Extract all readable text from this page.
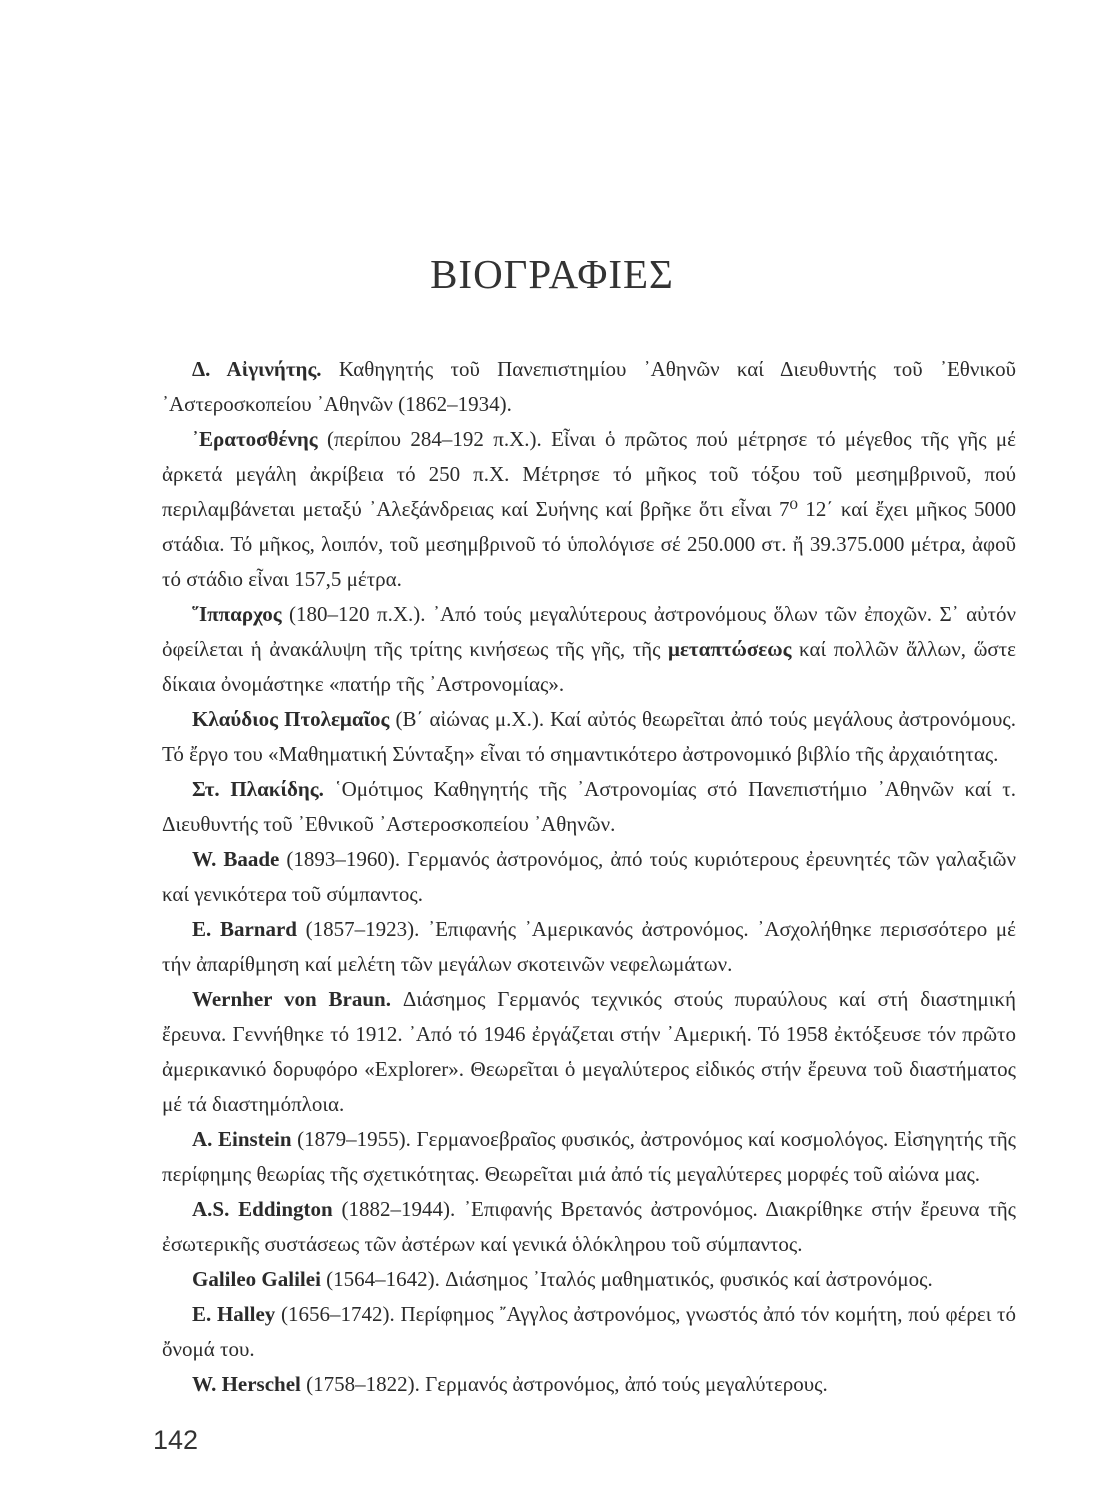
ΒΙΟΓΡΑΦΙΕΣ

Δ. Αἰγινήτης. Καθηγητής τοῦ Πανεπιστημίου ᾿Αθηνῶν καί Διευθυντής τοῦ ᾿Εθνικοῦ ᾿Αστεροσκοπείου ᾿Αθηνῶν (1862–1934).

᾿Ερατοσθένης (περίπου 284–192 π.Χ.). Εἶναι ὁ πρῶτος πού μέτρησε τό μέγεθος τῆς γῆς μέ ἀρκετά μεγάλη ἀκρίβεια τό 250 π.Χ. Μέτρησε τό μῆκος τοῦ τόξου τοῦ μεσημβρινοῦ, πού περιλαμβάνεται μεταξύ ᾿Αλεξάνδρειας καί Συήνης καί βρῆκε ὅτι εἶναι 7⁰ 12΄ καί ἔχει μῆκος 5000 στάδια. Τό μῆκος, λοιπόν, τοῦ μεσημβρινοῦ τό ὑπολόγισε σέ 250.000 στ. ἤ 39.375.000 μέτρα, ἀφοῦ τό στάδιο εἶναι 157,5 μέτρα.

῞Ιππαρχος (180–120 π.Χ.). ᾿Από τούς μεγαλύτερους ἀστρονόμους ὅλων τῶν ἐποχῶν. Σ᾿ αὐτόν ὀφείλεται ἡ ἀνακάλυψη τῆς τρίτης κινήσεως τῆς γῆς, τῆς μεταπτώσεως καί πολλῶν ἄλλων, ὥστε δίκαια ὀνομάστηκε «πατήρ τῆς ᾿Αστρονομίας».

Κλαύδιος Πτολεμαῖος (Β΄ αἰώνας μ.Χ.). Καί αὐτός θεωρεῖται ἀπό τούς μεγάλους ἀστρονόμους. Τό ἔργο του «Μαθηματική Σύνταξη» εἶναι τό σημαντικότερο ἀστρονομικό βιβλίο τῆς ἀρχαιότητας.

Στ. Πλακίδης. ῾Ομότιμος Καθηγητής τῆς ᾿Αστρονομίας στό Πανεπιστήμιο ᾿Αθηνῶν καί τ. Διευθυντής τοῦ ᾿Εθνικοῦ ᾿Αστεροσκοπείου ᾿Αθηνῶν.

W. Baade (1893–1960). Γερμανός ἀστρονόμος, ἀπό τούς κυριότερους ἐρευνητές τῶν γαλαξιῶν καί γενικότερα τοῦ σύμπαντος.

E. Barnard (1857–1923). ᾿Επιφανής ᾿Αμερικανός ἀστρονόμος. ᾿Ασχολήθηκε περισσότερο μέ τήν ἀπαρίθμηση καί μελέτη τῶν μεγάλων σκοτεινῶν νεφελωμάτων.

Wernher von Braun. Διάσημος Γερμανός τεχνικός στούς πυραύλους καί στή διαστημική ἔρευνα. Γεννήθηκε τό 1912. ᾿Από τό 1946 ἐργάζεται στήν ᾿Αμερική. Τό 1958 ἐκτόξευσε τόν πρῶτο ἀμερικανικό δορυφόρο «Explorer». Θεωρεῖται ὁ μεγαλύτερος εἰδικός στήν ἔρευνα τοῦ διαστήματος μέ τά διαστημόπλοια.

A. Einstein (1879–1955). Γερμανοεβραῖος φυσικός, ἀστρονόμος καί κοσμολόγος. Εἰσηγητής τῆς περίφημης θεωρίας τῆς σχετικότητας. Θεωρεῖται μιά ἀπό τίς μεγαλύτερες μορφές τοῦ αἰώνα μας.

A.S. Eddington (1882–1944). ᾿Επιφανής Βρετανός ἀστρονόμος. Διακρίθηκε στήν ἔρευνα τῆς ἐσωτερικῆς συστάσεως τῶν ἀστέρων καί γενικά ὁλόκληρου τοῦ σύμπαντος.

Galileo Galilei (1564–1642). Διάσημος ᾿Ιταλός μαθηματικός, φυσικός καί ἀστρονόμος.

E. Halley (1656–1742). Περίφημος ῎Αγγλος ἀστρονόμος, γνωστός ἀπό τόν κομήτη, πού φέρει τό ὄνομά του.

W. Herschel (1758–1822). Γερμανός ἀστρονόμος, ἀπό τούς μεγαλύτερους.

142
